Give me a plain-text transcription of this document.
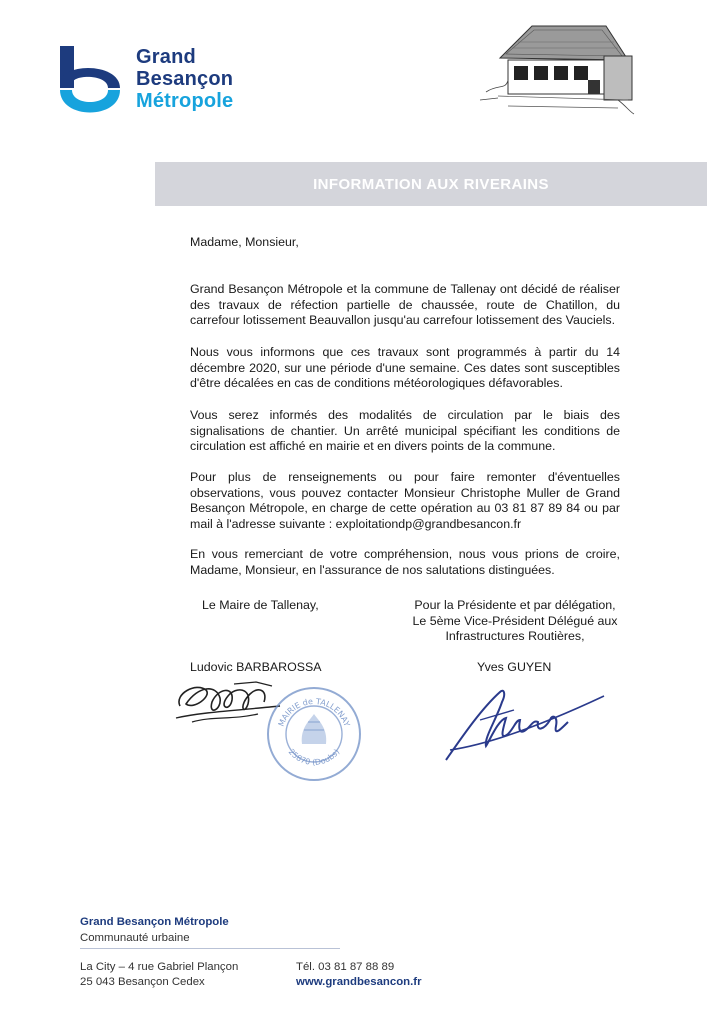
Grand
Besançon
Métropole
INFORMATION AUX RIVERAINS

Madame, Monsieur,

Grand Besançon Métropole et la commune de Tallenay ont décidé de réaliser des travaux de réfection partielle de chaussée, route de Chatillon, du carrefour lotissement Beauvallon jusqu'au carrefour lotissement des Vauciels.

Nous vous informons que ces travaux sont programmés à partir du 14 décembre 2020, sur une période d'une semaine. Ces dates sont susceptibles d'être décalées en cas de conditions météorologiques défavorables.

Vous serez informés des modalités de circulation par le biais des signalisations de chantier. Un arrêté municipal spécifiant les conditions de circulation est affiché en mairie et en divers points de la commune.

Pour plus de renseignements ou pour faire remonter d'éventuelles observations, vous pouvez contacter Monsieur Christophe Muller de Grand Besançon Métropole, en charge de cette opération au 03 81 87 89 84 ou par mail à l'adresse suivante : exploitationdp@grandbesancon.fr

En vous remerciant de votre compréhension, nous vous prions de croire, Madame, Monsieur, en l'assurance de nos salutations distinguées.

Le Maire de Tallenay,	Pour la Présidente et par délégation,
Le 5ème Vice-Président Délégué aux
Infrastructures Routières,
Ludovic BARBAROSSA	Yves GUYEN
MAIRIE de TALLENAY
25870 (Doubs)
Grand Besançon Métropole
Communauté urbaine
La City – 4 rue Gabriel Plançon
25 043 Besançon Cedex
Tél. 03 81 87 88 89
www.grandbesancon.fr
